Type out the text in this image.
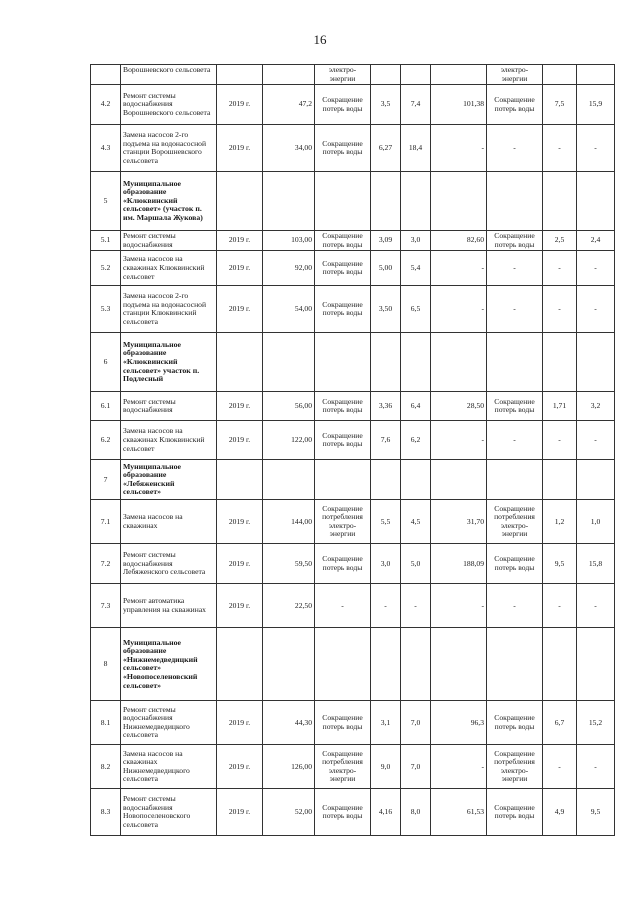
16
	Ворошневского сельсовета			электро-энергии				электро-энергии		
4.2	Ремонт системы водоснабжения Ворошневского сельсовета	2019 г.	47,2	Сокращение потерь воды	3,5	7,4	101,38	Сокращение потерь воды	7,5	15,9
4.3	Замена насосов 2-го подъема на водонасосной станции Ворошневского сельсовета	2019 г.	34,00	Сокращение потерь воды	6,27	18,4	-	-	-	-
5	Муниципальное образование «Клюквинский сельсовет» (участок п. им. Маршала Жукова)									
5.1	Ремонт системы водоснабжения	2019 г.	103,00	Сокращение потерь воды	3,09	3,0	82,60	Сокращение потерь воды	2,5	2,4
5.2	Замена насосов на скважинах Клюквинский сельсовет	2019 г.	92,00	Сокращение потерь воды	5,00	5,4	-	-	-	-
5.3	Замена насосов 2-го подъема на водонасосной станции Клюквинский сельсовета	2019 г.	54,00	Сокращение потерь воды	3,50	6,5	-	-	-	-
6	Муниципальное образование «Клюквинский сельсовет» участок п. Подлесный									
6.1	Ремонт системы водоснабжения	2019 г.	56,00	Сокращение потерь воды	3,36	6,4	28,50	Сокращение потерь воды	1,71	3,2
6.2	Замена насосов на скважинах Клюквинский сельсовет	2019 г.	122,00	Сокращение потерь воды	7,6	6,2	-	-	-	-
7	Муниципальное образование «Лебяженский сельсовет»									
7.1	Замена насосов на скважинах	2019 г.	144,00	Сокращение потребления электро-энергии	5,5	4,5	31,70	Сокращение потребления электро-энергии	1,2	1,0
7.2	Ремонт системы водоснабжения Лебяженского сельсовета	2019 г.	59,50	Сокращение потерь воды	3,0	5,0	188,09	Сокращение потерь воды	9,5	15,8
7.3	Ремонт автоматика управления на скважинах	2019 г.	22,50	-	-	-	-	-	-	-
8	Муниципальное образование «Нижнемедведицкий сельсовет» «Новопоселеновский сельсовет»									
8.1	Ремонт системы водоснабжения Нижнемедведицкого сельсовета	2019 г.	44,30	Сокращение потерь воды	3,1	7,0	96,3	Сокращение потерь воды	6,7	15,2
8.2	Замена насосов на скважинах Нижнемедведицкого сельсовета	2019 г.	126,00	Сокращение потребления электро-энергии	9,0	7,0	-	Сокращение потребления электро-энергии	-	-
8.3	Ремонт системы водоснабжения Новопоселеновского сельсовета	2019 г.	52,00	Сокращение потерь воды	4,16	8,0	61,53	Сокращение потерь воды	4,9	9,5
